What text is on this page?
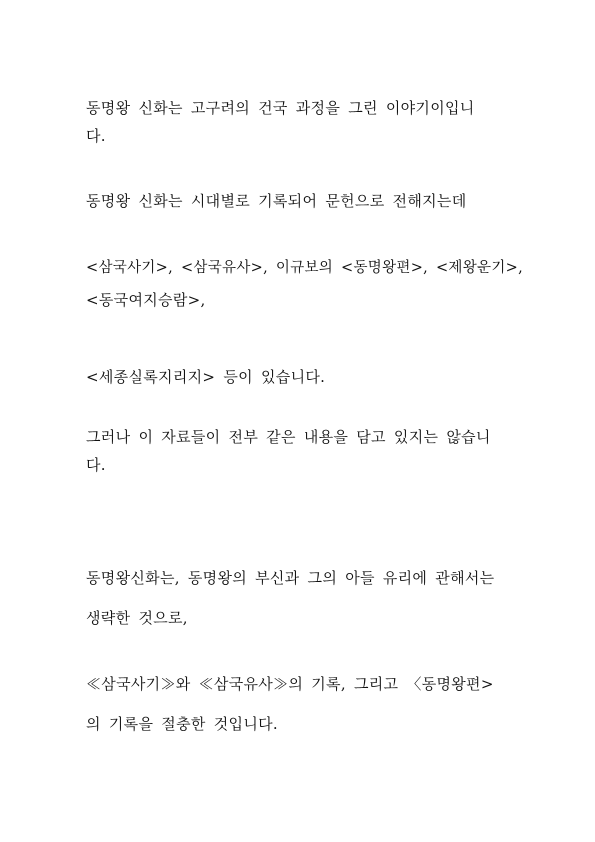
동명왕 신화는 고구려의 건국 과정을 그린 이야기이입니
다.
동명왕 신화는 시대별로 기록되어 문헌으로 전해지는데
<삼국사기>, <삼국유사>, 이규보의 <동명왕편>, <제왕운기>,
<동국여지승람>,
<세종실록지리지> 등이 있습니다.
그러나 이 자료들이 전부 같은 내용을 담고 있지는 않습니
다.
동명왕신화는, 동명왕의 부신과 그의 아들 유리에 관해서는
생략한 것으로,
≪삼국사기≫와 ≪삼국유사≫의 기록, 그리고 〈동명왕편>
의 기록을 절충한 것입니다.
